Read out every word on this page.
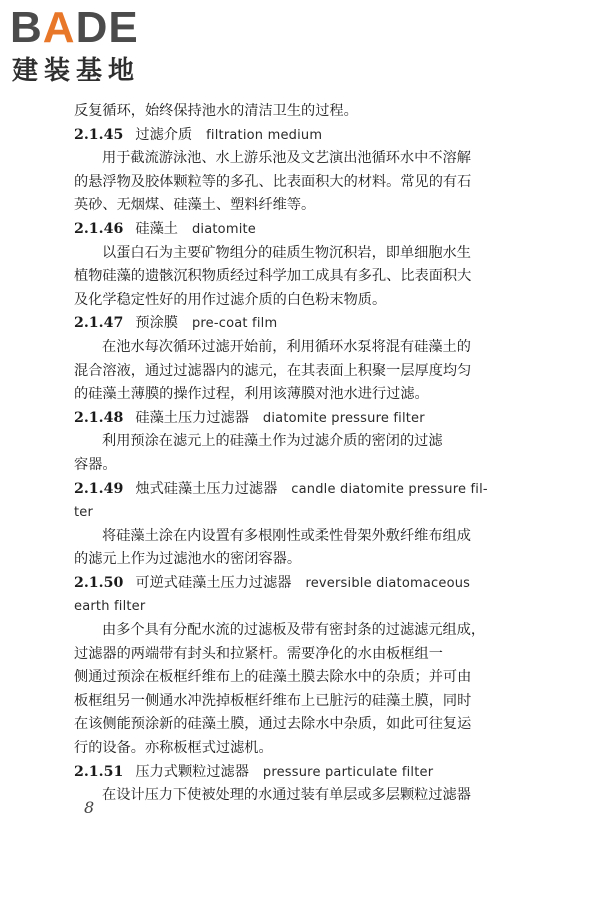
BADE
建装基地
反复循环，始终保持池水的清洁卫生的过程。
2.1.45 过滤介质 filtration medium
用于截流游泳池、水上游乐池及文艺演出池循环水中不溶解
的悬浮物及胶体颗粒等的多孔、比表面积大的材料。常见的有石
英砂、无烟煤、硅藻土、塑料纤维等。
2.1.46 硅藻土 diatomite
以蛋白石为主要矿物组分的硅质生物沉积岩，即单细胞水生
植物硅藻的遗骸沉积物质经过科学加工成具有多孔、比表面积大
及化学稳定性好的用作过滤介质的白色粉末物质。
2.1.47 预涂膜 pre-coat film
在池水每次循环过滤开始前，利用循环水泵将混有硅藻土的
混合溶液，通过过滤器内的滤元，在其表面上积聚一层厚度均匀
的硅藻土薄膜的操作过程，利用该薄膜对池水进行过滤。
2.1.48 硅藻土压力过滤器 diatomite pressure filter
利用预涂在滤元上的硅藻土作为过滤介质的密闭的过滤
容器。
2.1.49 烛式硅藻土压力过滤器 candle diatomite pressure fil-
ter
将硅藻土涂在内设置有多根刚性或柔性骨架外敷纤维布组成
的滤元上作为过滤池水的密闭容器。
2.1.50 可逆式硅藻土压力过滤器 reversible diatomaceous
earth filter
由多个具有分配水流的过滤板及带有密封条的过滤滤元组成，
过滤器的两端带有封头和拉紧杆。需要净化的水由板框组一
侧通过预涂在板框纤维布上的硅藻土膜去除水中的杂质；并可由
板框组另一侧通水冲洗掉板框纤维布上已脏污的硅藻土膜，同时
在该侧能预涂新的硅藻土膜，通过去除水中杂质，如此可往复运
行的设备。亦称板框式过滤机。
2.1.51 压力式颗粒过滤器 pressure particulate filter
在设计压力下使被处理的水通过装有单层或多层颗粒过滤器
8
